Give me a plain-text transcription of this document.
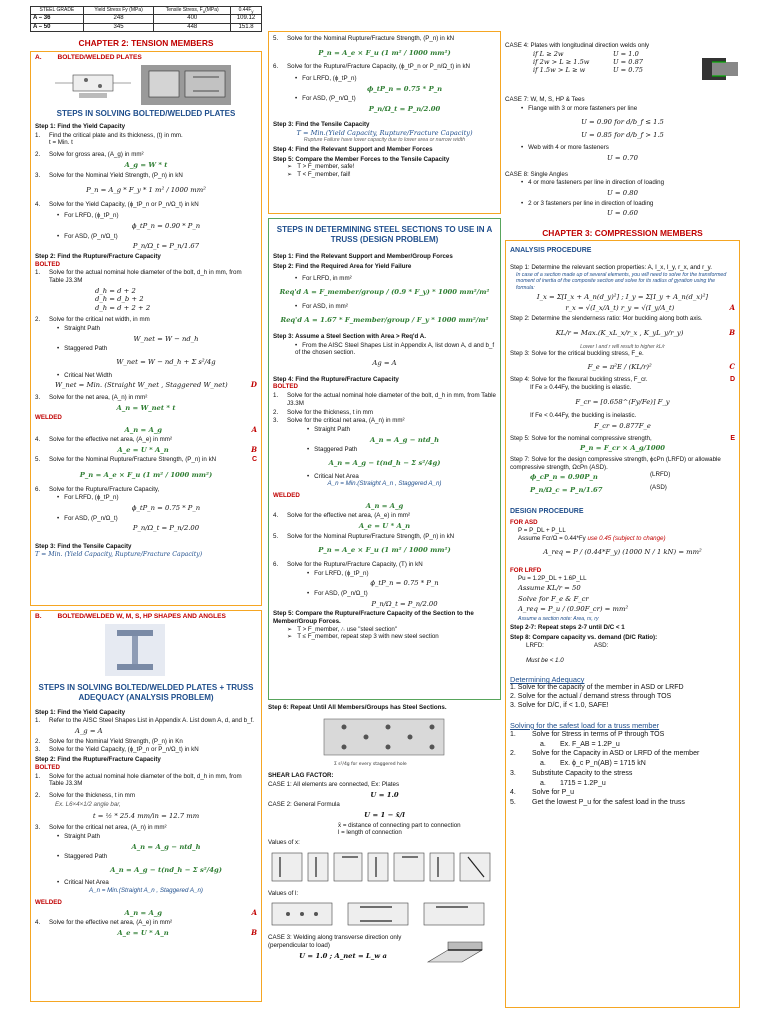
STEEL GRADE	Yield Stress Fy (MPa)	Tensile Stress, $F_u(MPa)$	$0.44F_y$
A – 36	248	400	109.12
A – 50	345	448	151.8
CHAPTER 2: TENSION MEMBERS
A. BOLTED/WELDED PLATES
STEPS IN SOLVING BOLTED/WELDED PLATES
Step 1: Find the Yield Capacity
1.	Find the critical plate and its thickness, (t) in mm.
t = Min. t
2.	Solve for gross area, (A_g) in mm²
A_g = W * t
3.	Solve for the Nominal Yield Strength, (P_n) in kN
P_n = A_g * F_y * 1 m² / 1000 mm²
4.	Solve for the Yield Capacity, (ϕ_tP_n or P_n/Ω_t) in kN
• For LRFD, (ϕ_tP_n)
ϕ_tP_n = 0.90 * P_n
• For ASD, (P_n/Ω_t)
P_n/Ω_t = P_n/1.67
Step 2: Find the Rupture/Fracture Capacity
BOLTED
1.	Solve for the actual nominal hole diameter of the bolt, d_h in mm, from Table J3.3M
d_h = d + 2
d_h = d_b + 2
d_h = d + 2 + 2
2.	Solve for the critical net width, in mm
• Straight Path
W_net = W − nd_h
• Staggered Path
W_net = W − nd_h + Σ s²/4g
• Critical Net Width
W_net = Min. (Straight W_net , Staggered W_net)	D
3.	Solve for the net area, (A_n) in mm²
A_n = W_net * t
WELDED
A_n = A_g	A
4.	Solve for the effective net area, (A_e) in mm²
A_e = U * A_n	B
5.	Solve for the Nominal Rupture/Fracture Strength, (P_n) in kN	C
P_n = A_e × F_u (1 m² / 1000 mm²)
6.	Solve for the Rupture/Fracture Capacity,
• For LRFD, (ϕ_tP_n)
ϕ_tP_n = 0.75 * P_n
• For ASD, (P_n/Ω_t)
P_n/Ω_t = P_n/2.00
Step 3: Find the Tensile Capacity
T = Min. (Yield Capacity, Rupture/Fracture Capacity)
B. BOLTED/WELDED W, M, S, HP SHAPES AND ANGLES
STEPS IN SOLVING BOLTED/WELDED PLATES + TRUSS ADEQUACY (ANALYSIS PROBLEM)
Step 1: Find the Yield Capacity
1.	Refer to the AISC Steel Shapes List in Appendix A. List down A, d, and b_f.
A_g = A
2.	Solve for the Nominal Yield Strength, (P_n) in Kn
3.	Solve for the Yield Capacity, (ϕ_tP_n or P_n/Ω_t) in kN
Step 2: Find the Rupture/Fracture Capacity
BOLTED
1.	Solve for the actual nominal hole diameter of the bolt, d_h in mm, from Table J3.3M
2.	Solve for the thickness, t in mm
Ex. L6×4×1/2 angle bar,
t = ½ * 25.4 mm/in = 12.7 mm
3.	Solve for the critical net area, (A_n) in mm²
• Straight Path
A_n = A_g − ntd_h
• Staggered Path
A_n = A_g − t(nd_h − Σ s²/4g)
• Critical Net Area
A_n = Min.(Straight A_n , Staggered A_n)
WELDED
A_n = A_g	A
4.	Solve for the effective net area, (A_e) in mm²
A_e = U * A_n	B
5.	Solve for the Nominal Rupture/Fracture Strength, (P_n) in kN
P_n = A_e × F_u (1 m² / 1000 mm²)
6.	Solve for the Rupture/Fracture Capacity, (ϕ_tP_n or P_n/Ω_t) in kN
• For LRFD, (ϕ_tP_n)
ϕ_tP_n = 0.75 * P_n
• For ASD, (P_n/Ω_t)
P_n/Ω_t = P_n/2.00
Step 3: Find the Tensile Capacity
T = Min.(Yield Capacity, Rupture/Fracture Capacity)
Rupture Failure have lower capacity due to lower area or narrow width
Step 4: Find the Relevant Support and Member Forces
Step 5: Compare the Member Forces to the Tensile Capacity
➢ T > F_member, safe!
➢ T < F_member, fail!
STEPS IN DETERMINING STEEL SECTIONS TO USE IN A TRUSS (DESIGN PROBLEM)
Step 1: Find the Relevant Support and Member/Group Forces
Step 2: Find the Required Area for Yield Failure
• For LRFD, in mm²
Req'd A = F_member/group / (0.9 * F_y) * 1000 mm²/m²
• For ASD, in mm²
Req'd A = 1.67 * F_member/group / F_y * 1000 mm²/m²
Step 3: Assume a Steel Section with Area > Req'd A.
• From the AISC Steel Shapes List in Appendix A, list down A, d and b_f of the chosen section.
Ag = A
Step 4: Find the Rupture/Fracture Capacity
BOLTED
1.	Solve for the actual nominal hole diameter of the bolt, d_h in mm, from Table J3.3M
2.	Solve for the thickness, t in mm
3.	Solve for the critical net area, (A_n) in mm²
• Straight Path
A_n = A_g − ntd_h
• Staggered Path
A_n = A_g − t(nd_h − Σ s²/4g)
• Critical Net Area
A_n = Min.(Straight A_n , Staggered A_n)
WELDED
A_n = A_g
4.	Solve for the effective net area, (A_e) in mm²
A_e = U * A_n
5.	Solve for the Nominal Rupture/Fracture Strength, (P_n) in kN
P_n = A_e × F_u (1 m² / 1000 mm²)
6.	Solve for the Rupture/Fracture Capacity, (T) in kN
• For LRFD, (ϕ_tP_n)
ϕ_tP_n = 0.75 * P_n
• For ASD, (P_n/Ω_t)
P_n/Ω_t = P_n/2.00
Step 5: Compare the Rupture/Fracture Capacity of the Section to the Member/Group Forces.
➢ T > F_member, ∴ use "steel section"
➢ T ≤ F_member, repeat step 3 with new steel section
Step 6: Repeat Until All Members/Groups has Steel Sections.
Σ s²/4g for every staggered hole
SHEAR LAG FACTOR:
CASE 1: All elements are connected, Ex: Plates
U = 1.0
CASE 2: General Formula
U = 1 − x̄/l
x̄ = distance of connecting part to connection
l = length of connection
Values of x:
Values of l:
CASE 3: Welding along transverse direction only (perpendicular to load)
U = 1.0 ; A_net = L_w a
CASE 4: Plates with longitudinal direction welds only
if L ≥ 2w	U = 1.0
if 2w > L ≥ 1.5w	U = 0.87
if 1.5w > L ≥ w	U = 0.75
CASE 7: W, M, S, HP & Tees
• Flange with 3 or more fasteners per line
U = 0.90 for d/b_f ≤ 1.5
U = 0.85 for d/b_f > 1.5
• Web with 4 or more fasteners
U = 0.70
CASE 8: Single Angles
• 4 or more fasteners per line in direction of loading
U = 0.80
• 2 or 3 fasteners per line in direction of loading
U = 0.60
CHAPTER 3: COMPRESSION MEMBERS
ANALYSIS PROCEDURE
Step 1: Determine the relevant section properties: A, I_x, I_y, r_x, and r_y.
In case of a section made up of several elements, you will need to solve for the transformed moment of inertia of the composite section and solve for its radius of gyration using the formula:
I_x = Σ[I_x + A_n(d_y)²] ; I_y = Σ[I_y + A_n(d_x)²]
r_x = √(I_x/A_t) r_y = √(I_y/A_t)	A
Step 2: Determine the slenderness ratio: f4or buckling along both axis.
KL/r = Max.(K_xL_x/r_x , K_yL_y/r_y)	B
Lower I and r will result to higher kL/r
Step 3: Solve for the critical buckling stress, F_e.
F_e = π²E / (KL/r)²	C
Step 4: Solve for the flexural buckling stress, F_cr.	D
If Fe ≥ 0.44Fy, the buckling is elastic.
F_cr = [0.658^(Fy/Fe)] F_y
If Fe < 0.44Fy, the buckling is inelastic.
F_cr = 0.877F_e
Step 5: Solve for the nominal compressive strength,	E
P_n = F_cr × A_g/1000
Step 7: Solve for the design compressive strength, ϕcPn (LRFD) or allowable compressive strength, ΩcPn (ASD).
ϕ_cP_n = 0.90P_n	(LRFD)
P_n/Ω_c = P_n/1.67	(ASD)
DESIGN PROCEDURE
FOR ASD
P = P_DL + P_LL
Assume Fcr/Ω = 0.44*Fy use 0.45 (subject to change)
A_req = P / (0.44*F_y) (1000 N / 1 kN) = mm²
FOR LRFD
Pu = 1.2P_DL + 1.6P_LL
Assume KL/r = 50
Solve for F_e & F_cr
A_req = P_u / (0.90F_cr) = mm²
Assume a section note: Area, rx, ry
Step 2-7: Repeat steps 2-7 until D/C < 1
Step 8: Compare capacity vs. demand (D/C Ratio):
LRFD:	ASD:
Must be < 1.0
Determining Adequacy
1. Solve for the capacity of the member in ASD or LRFD
2. Solve for the actual / demand stress through TOS
3. Solve for D/C, if < 1.0, SAFE!
Solving for the safest load for a truss member
1.	Solve for Stress in terms of P through TOS
a.	Ex. F_AB = 1.2P_u
2.	Solve for the Capacity in ASD or LRFD of the member
a.	Ex. ϕ_c P_n(AB) = 1715 kN
3.	Substitute Capacity to the stress
a.	1715 = 1.2P_u
4.	Solve for P_u
5.	Get the lowest P_u for the safest load in the truss
